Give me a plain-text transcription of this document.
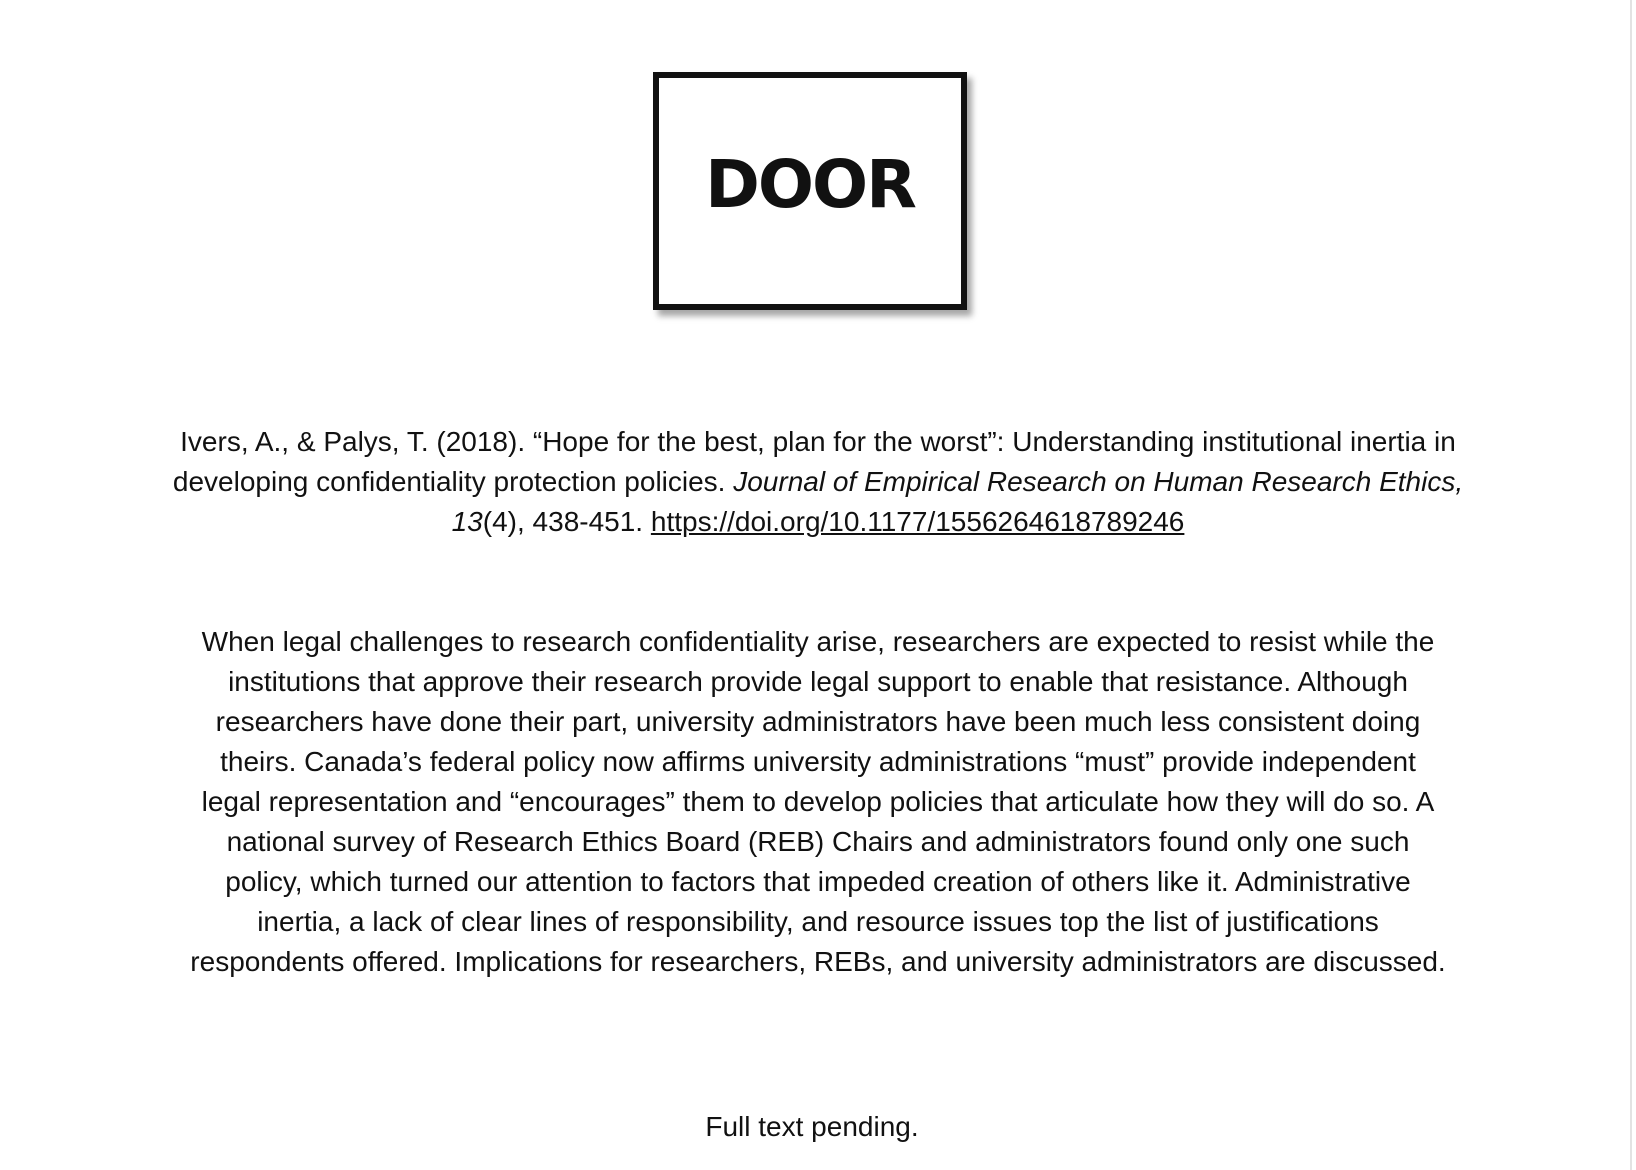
DOOR
Ivers, A., & Palys, T. (2018). “Hope for the best, plan for the worst”: Understanding institutional inertia in developing confidentiality protection policies. Journal of Empirical Research on Human Research Ethics, 13(4), 438-451. https://doi.org/10.1177/1556264618789246

When legal challenges to research confidentiality arise, researchers are expected to resist while the institutions that approve their research provide legal support to enable that resistance. Although researchers have done their part, university administrators have been much less consistent doing theirs. Canada’s federal policy now affirms university administrations “must” provide independent legal representation and “encourages” them to develop policies that articulate how they will do so. A national survey of Research Ethics Board (REB) Chairs and administrators found only one such policy, which turned our attention to factors that impeded creation of others like it. Administrative inertia, a lack of clear lines of responsibility, and resource issues top the list of justifications respondents offered. Implications for researchers, REBs, and university administrators are discussed.

Full text pending.
